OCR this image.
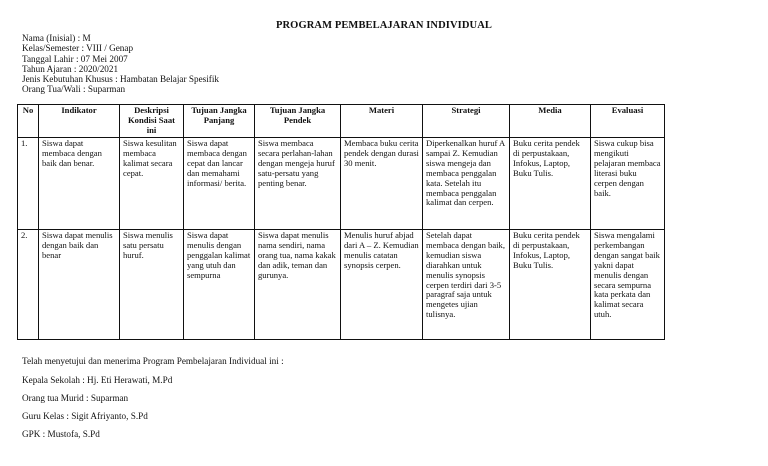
PROGRAM PEMBELAJARAN INDIVIDUAL
Nama (Inisial) : M
Kelas/Semester : VIII / Genap
Tanggal Lahir : 07 Mei 2007
Tahun Ajaran : 2020/2021
Jenis Kebutuhan Khusus : Hambatan Belajar Spesifik
Orang Tua/Wali : Suparman
No	Indikator	Deskripsi Kondisi Saat ini	Tujuan Jangka Panjang	Tujuan Jangka Pendek	Materi	Strategi	Media	Evaluasi
1.	Siswa dapat membaca dengan baik dan benar.	Siswa kesulitan membaca kalimat secara cepat.	Siswa dapat membaca dengan cepat dan lancar dan memahami informasi/ berita.	Siswa membaca secara perlahan-lahan dengan mengeja huruf satu-persatu yang penting benar.	Membaca buku cerita pendek dengan durasi 30 menit.	Diperkenalkan huruf A sampai Z. Kemudian siswa mengeja dan membaca penggalan kata. Setelah itu membaca penggalan kalimat dan cerpen.	Buku cerita pendek di perpustakaan, Infokus, Laptop, Buku Tulis.	Siswa cukup bisa mengikuti pelajaran membaca literasi buku cerpen dengan baik.
2.	Siswa dapat menulis dengan baik dan benar	Siswa menulis satu persatu huruf.	Siswa dapat menulis dengan penggalan kalimat yang utuh dan sempurna	Siswa dapat menulis nama sendiri, nama orang tua, nama kakak dan adik, teman dan gurunya.	Menulis huruf abjad dari A – Z. Kemudian menulis catatan synopsis cerpen.	Setelah dapat membaca dengan baik, kemudian siswa diarahkan untuk menulis synopsis cerpen terdiri dari 3-5 paragraf saja untuk mengetes ujian tulisnya.	Buku cerita pendek di perpustakaan, Infokus, Laptop, Buku Tulis.	Siswa mengalami perkembangan dengan sangat baik yakni dapat menulis dengan secara sempurna kata perkata dan kalimat secara utuh.
Telah menyetujui dan menerima Program Pembelajaran Individual ini :
Kepala Sekolah : Hj. Eti Herawati, M.Pd
Orang tua Murid : Suparman
Guru Kelas : Sigit Afriyanto, S.Pd
GPK : Mustofa, S.Pd
